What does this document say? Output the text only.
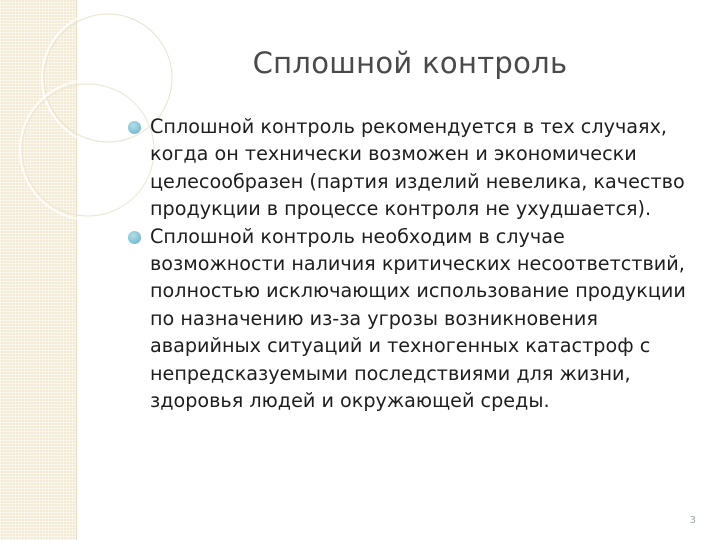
Сплошной контроль
Сплошной контроль рекомендуется в тех случаях, когда он технически возможен и экономически целесообразен (партия изделий невелика, качество продукции в процессе контроля не ухудшается).
Сплошной контроль необходим в случае возможности наличия критических несоответствий, полностью исключающих использование продукции по назначению из-за угрозы возникновения аварийных ситуаций и техногенных катастроф с непредсказуемыми последствиями для жизни, здоровья людей и окружающей среды.
3
